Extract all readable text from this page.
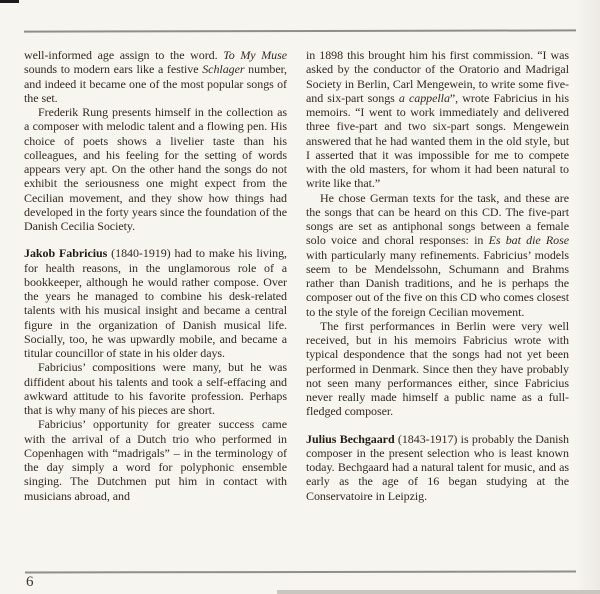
well-informed age assign to the word. To My Muse sounds to modern ears like a festive Schlager number, and indeed it became one of the most popular songs of the set.

Frederik Rung presents himself in the collection as a composer with melodic talent and a flowing pen. His choice of poets shows a livelier taste than his colleagues, and his feeling for the setting of words appears very apt. On the other hand the songs do not exhibit the seriousness one might expect from the Cecilian movement, and they show how things had developed in the forty years since the foundation of the Danish Cecilia Society.

Jakob Fabricius (1840-1919) had to make his living, for health reasons, in the unglamorous role of a bookkeeper, although he would rather compose. Over the years he managed to combine his desk-related talents with his musical insight and became a central figure in the organization of Danish musical life. Socially, too, he was upwardly mobile, and became a titular councillor of state in his older days.

Fabricius’ compositions were many, but he was diffident about his talents and took a self-effacing and awkward attitude to his favorite profession. Perhaps that is why many of his pieces are short.

Fabricius’ opportunity for greater success came with the arrival of a Dutch trio who performed in Copenhagen with “madrigals” – in the terminology of the day simply a word for polyphonic ensemble singing. The Dutchmen put him in contact with musicians abroad, and

in 1898 this brought him his first commission. “I was asked by the conductor of the Oratorio and Madrigal Society in Berlin, Carl Mengewein, to write some five- and six-part songs a cappella”, wrote Fabricius in his memoirs. “I went to work immediately and delivered three five-part and two six-part songs. Mengewein answered that he had wanted them in the old style, but I asserted that it was impossible for me to compete with the old masters, for whom it had been natural to write like that.”

He chose German texts for the task, and these are the songs that can be heard on this CD. The five-part songs are set as antiphonal songs between a female solo voice and choral responses: in Es bat die Rose with particularly many refinements. Fabricius’ models seem to be Mendelssohn, Schumann and Brahms rather than Danish traditions, and he is perhaps the composer out of the five on this CD who comes closest to the style of the foreign Cecilian movement.

The first performances in Berlin were very well received, but in his memoirs Fabricius wrote with typical despondence that the songs had not yet been performed in Denmark. Since then they have probably not seen many performances either, since Fabricius never really made himself a public name as a full-fledged composer.

Julius Bechgaard (1843-1917) is probably the Danish composer in the present selection who is least known today. Bechgaard had a natural talent for music, and as early as the age of 16 began studying at the Conservatoire in Leipzig.

6
